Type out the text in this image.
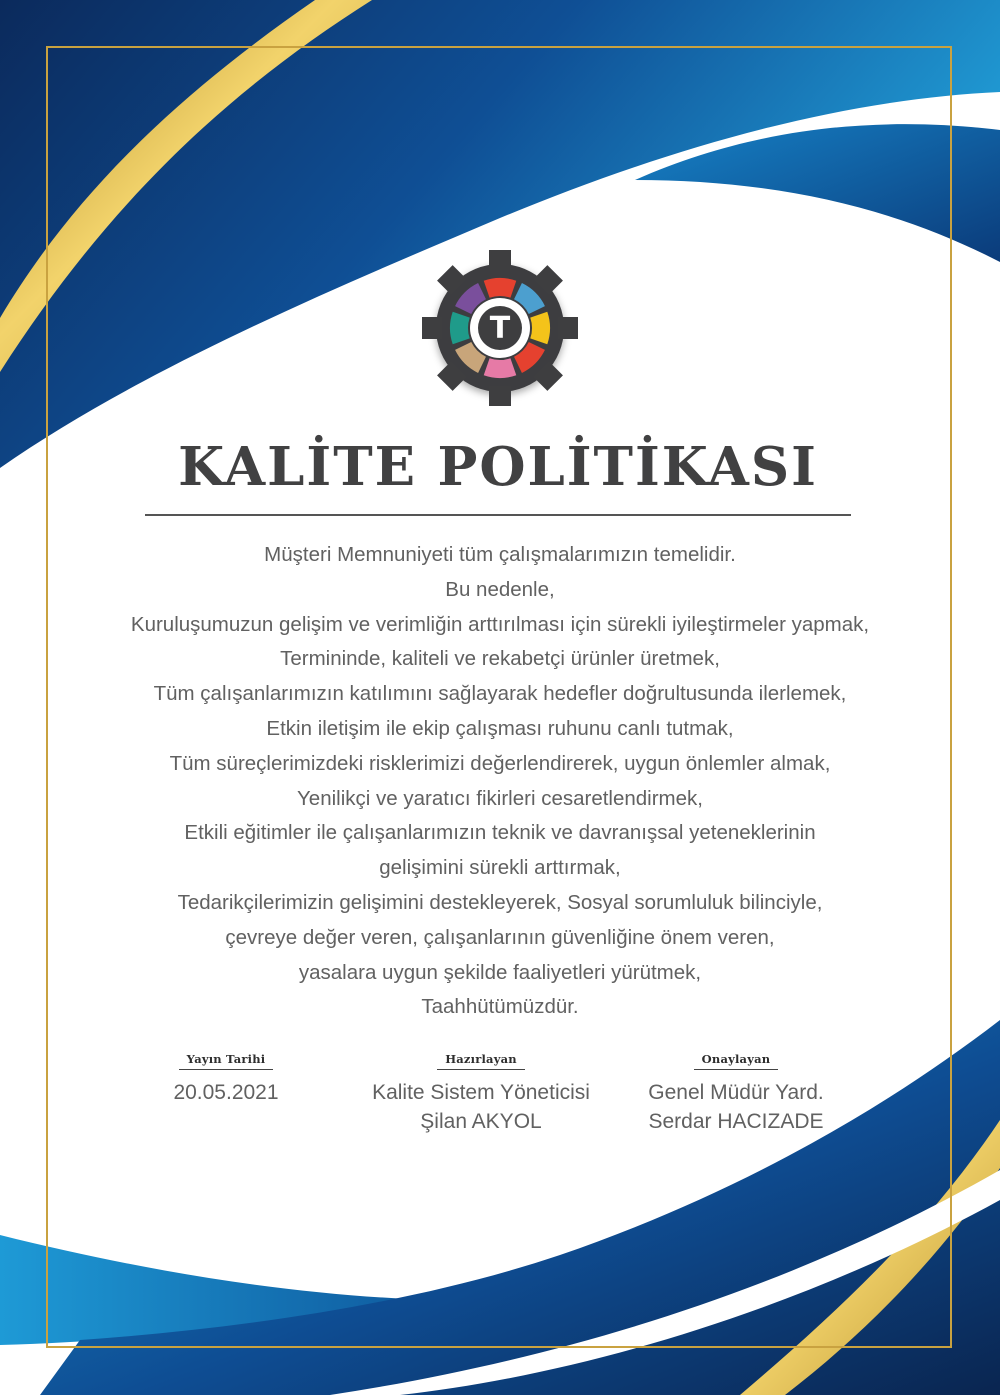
T
KALİTE POLİTİKASI
Müşteri Memnuniyeti tüm çalışmalarımızın temelidir.
Bu nedenle,
Kuruluşumuzun gelişim ve verimliğin arttırılması için sürekli iyileştirmeler yapmak,
Termininde, kaliteli ve rekabetçi ürünler üretmek,
Tüm çalışanlarımızın katılımını sağlayarak hedefler doğrultusunda ilerlemek,
Etkin iletişim ile ekip çalışması ruhunu canlı tutmak,
Tüm süreçlerimizdeki risklerimizi değerlendirerek, uygun önlemler almak,
Yenilikçi ve yaratıcı fikirleri cesaretlendirmek,
Etkili eğitimler ile çalışanlarımızın teknik ve davranışsal yeteneklerinin
gelişimini sürekli arttırmak,
Tedarikçilerimizin gelişimini destekleyerek, Sosyal sorumluluk bilinciyle,
çevreye değer veren, çalışanlarının güvenliğine önem veren,
yasalara uygun şekilde faaliyetleri yürütmek,
Taahhütümüzdür.
Yayın Tarihi
20.05.2021
Hazırlayan
Kalite Sistem Yöneticisi
Şilan AKYOL
Onaylayan
Genel Müdür Yard.
Serdar HACIZADE
